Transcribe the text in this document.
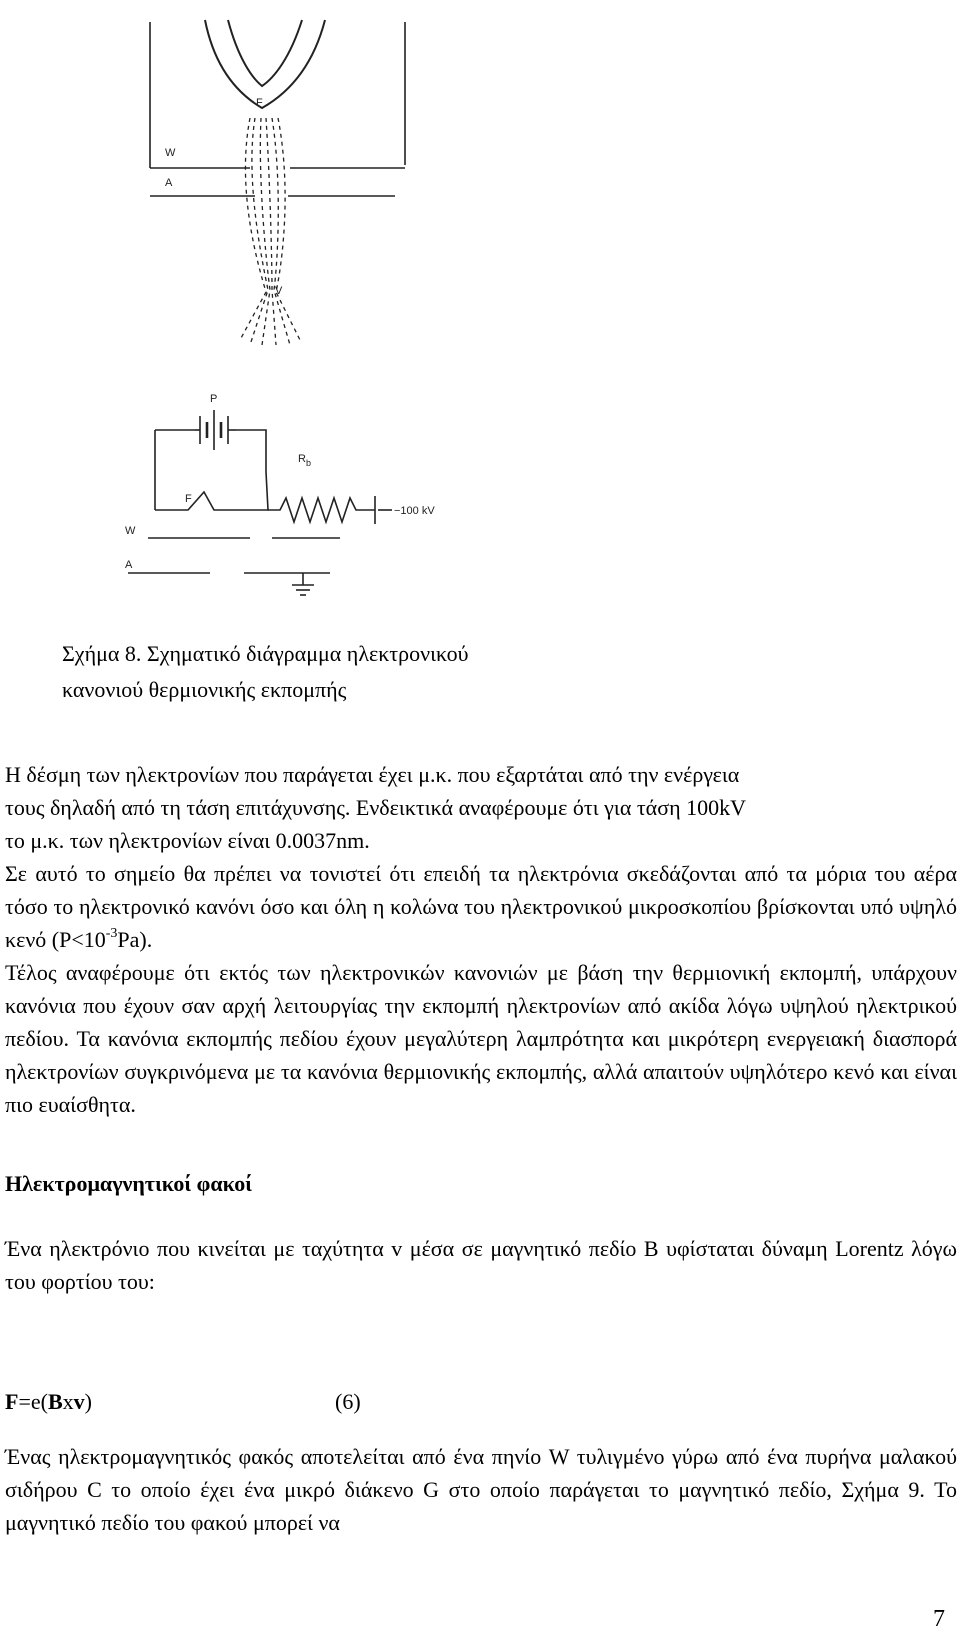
W
A
F
V
P
$R_b$
−100 kV
F
W
A
Σχήμα 8. Σχηματικό διάγραμμα ηλεκτρονικού
κανονιού θερμιονικής εκπομπής
Η δέσμη των ηλεκτρονίων που παράγεται έχει μ.κ. που εξαρτάται από την ενέργεια
τους δηλαδή από τη τάση επιτάχυνσης. Ενδεικτικά αναφέρουμε ότι για τάση 100kV
το μ.κ. των ηλεκτρονίων είναι 0.0037nm.

Σε αυτό το σημείο θα πρέπει να τονιστεί ότι επειδή τα ηλεκτρόνια σκεδάζονται από τα μόρια του αέρα τόσο το ηλεκτρονικό κανόνι όσο και όλη η κολώνα του ηλεκτρονικού μικροσκοπίου βρίσκονται υπό υψηλό κενό $(P<10^{-3}Pa)$.

Τέλος αναφέρουμε ότι εκτός των ηλεκτρονικών κανονιών με βάση την θερμιονική εκπομπή, υπάρχουν κανόνια που έχουν σαν αρχή λειτουργίας την εκπομπή ηλεκτρονίων από ακίδα λόγω υψηλού ηλεκτρικού πεδίου. Τα κανόνια εκπομπής πεδίου έχουν μεγαλύτερη λαμπρότητα και μικρότερη ενεργειακή διασπορά ηλεκτρονίων συγκρινόμενα με τα κανόνια θερμιονικής εκπομπής, αλλά απαιτούν υψηλότερο κενό και είναι πιο ευαίσθητα.

Ηλεκτρομαγνητικοί φακοί

Ένα ηλεκτρόνιο που κινείται με ταχύτητα v μέσα σε μαγνητικό πεδίο B υφίσταται δύναμη Lorentz λόγω του φορτίου του:

F=e(Bxv)	(6)

Ένας ηλεκτρομαγνητικός φακός αποτελείται από ένα πηνίο W τυλιγμένο γύρω από ένα πυρήνα μαλακού σιδήρου C το οποίο έχει ένα μικρό διάκενο G στο οποίο παράγεται το μαγνητικό πεδίο, Σχήμα 9. Το μαγνητικό πεδίο του φακού μπορεί να

7
